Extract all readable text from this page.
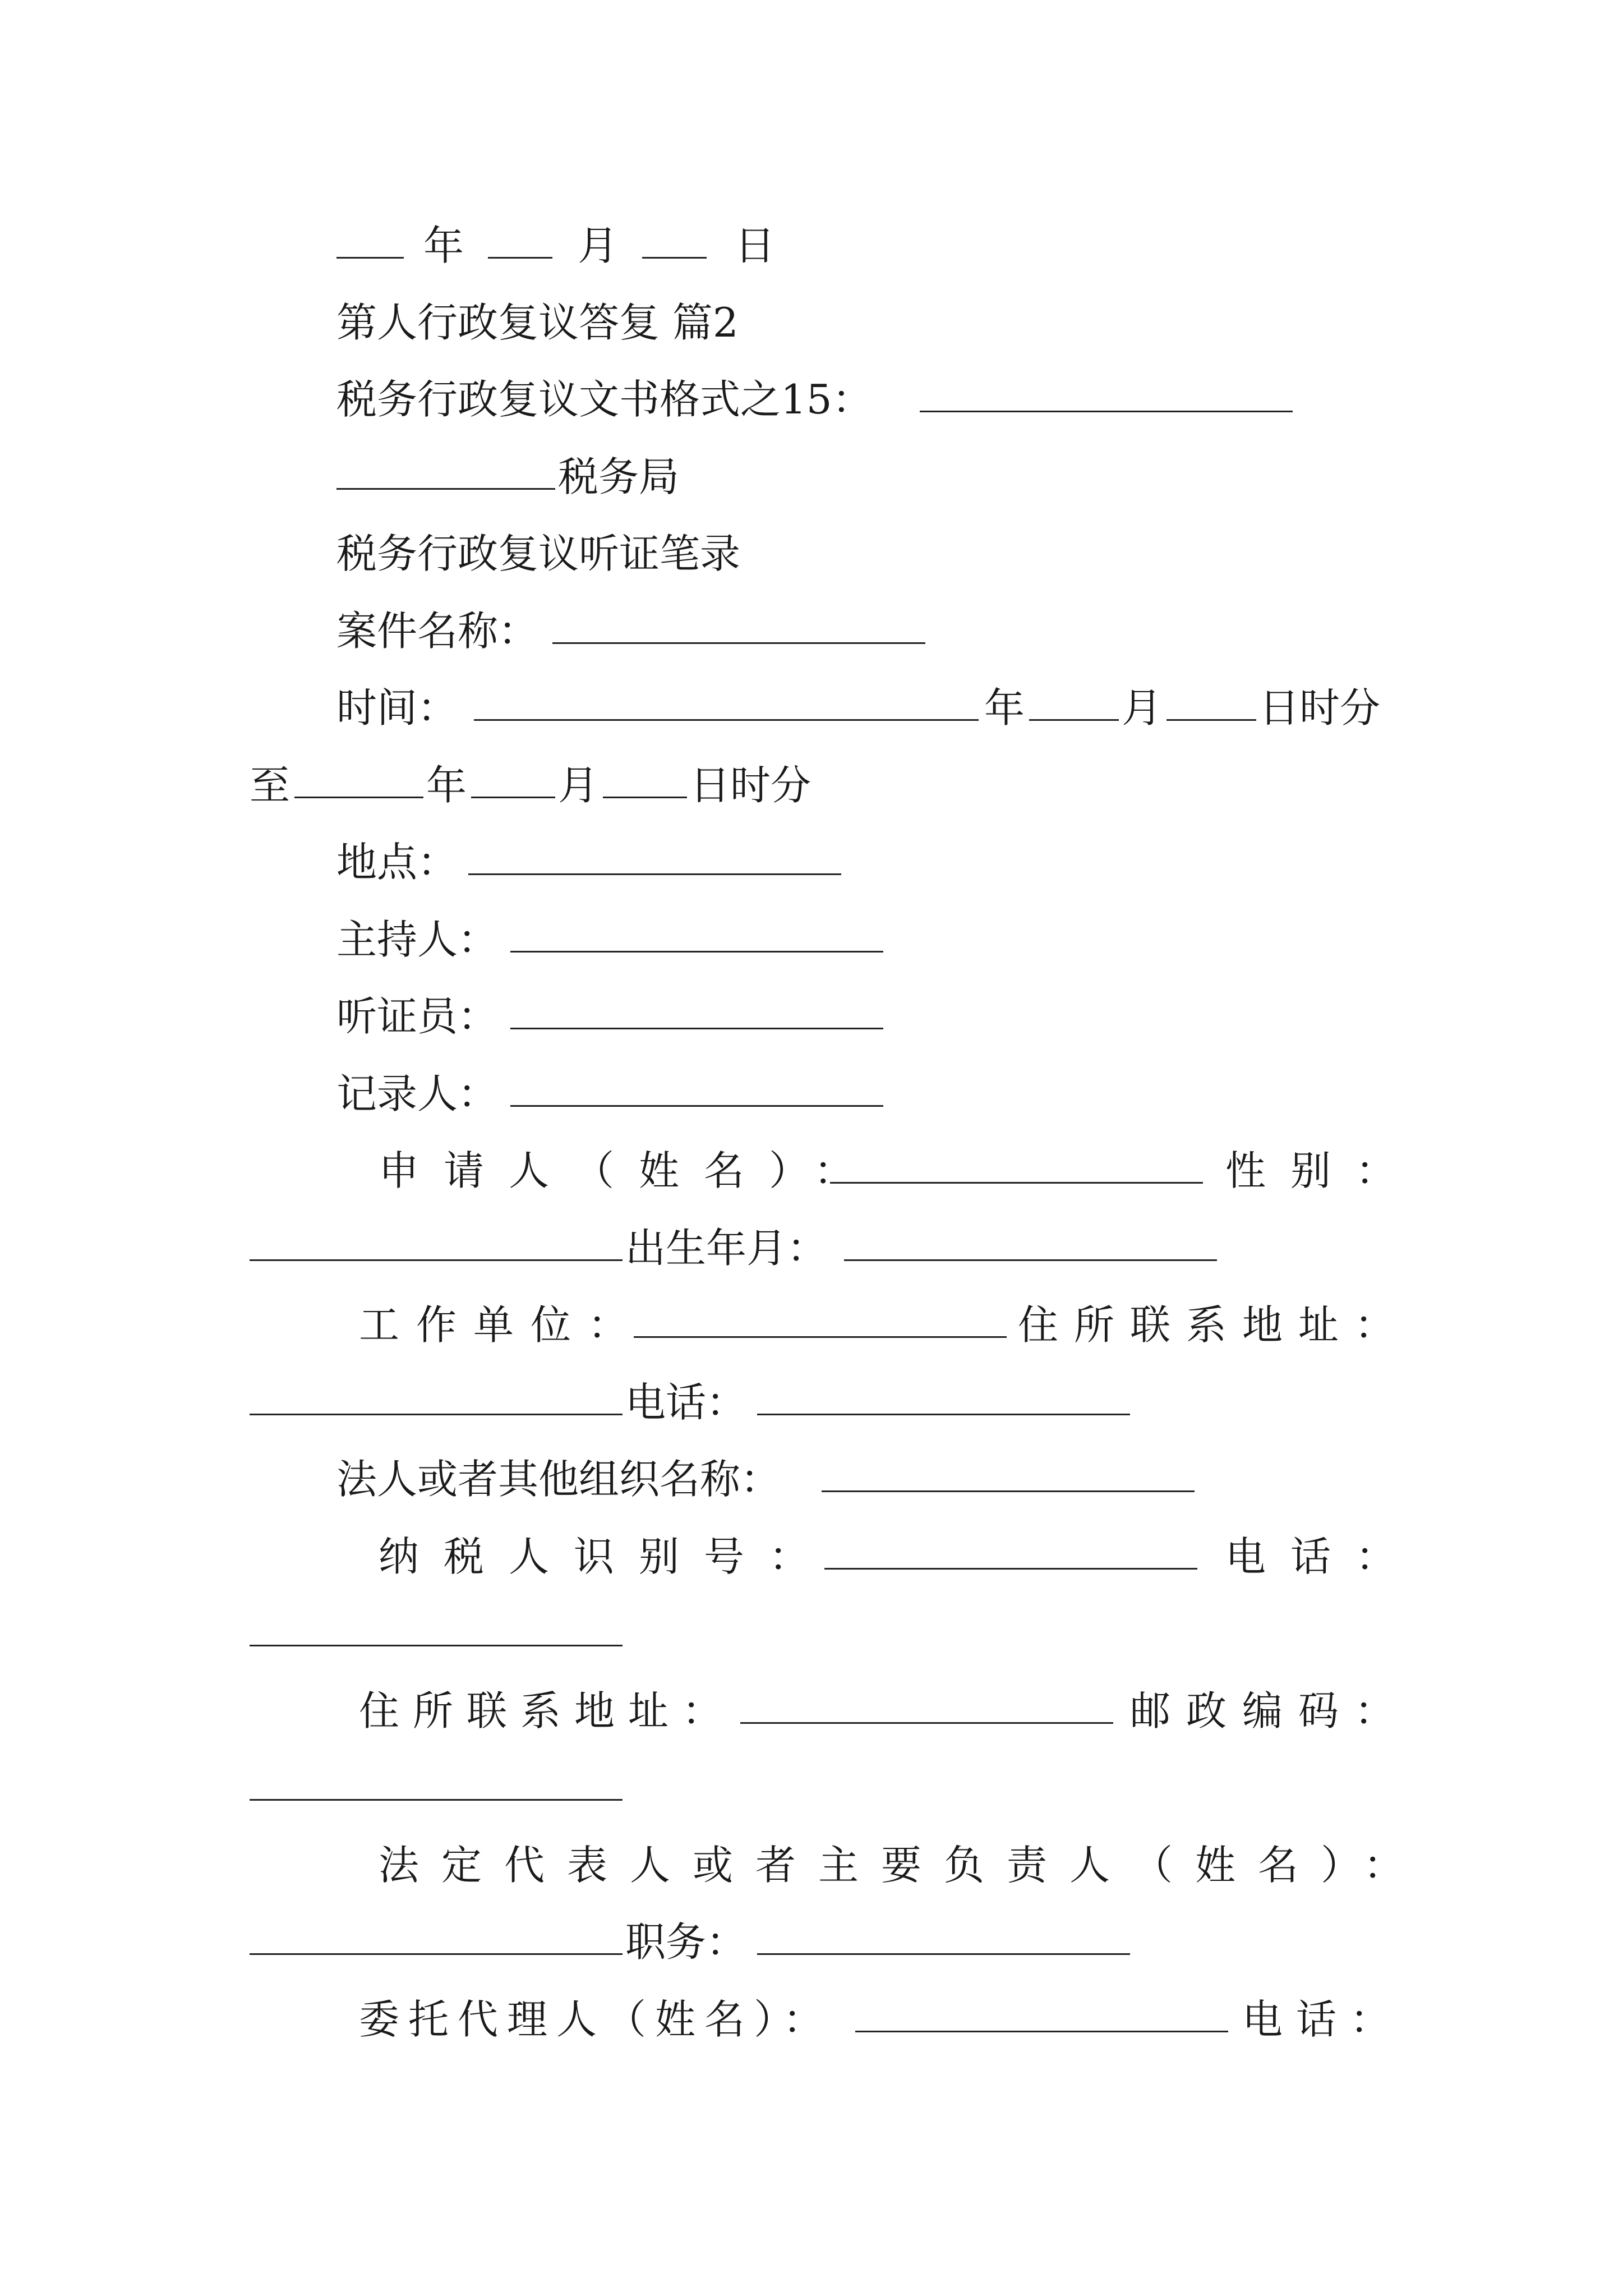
年	月	日
第人行政复议答复 篇2
税务行政复议文书格式之15：
税务局
税务行政复议听证笔录
案件名称：
时间：	年 月 日时分
至	年 月 日时分
地点：
主持人：
听证员：
记录人：
申请人（姓名）：	性别：
出生年月：
工作单位：	住所联系地址：
电话：
法人或者其他组织名称：
纳税人识别号：	电话：
住所联系地址：	邮政编码：
法定代表人或者主要负责人（姓名）：
职务：
委托代理人（姓名）：	电话：
